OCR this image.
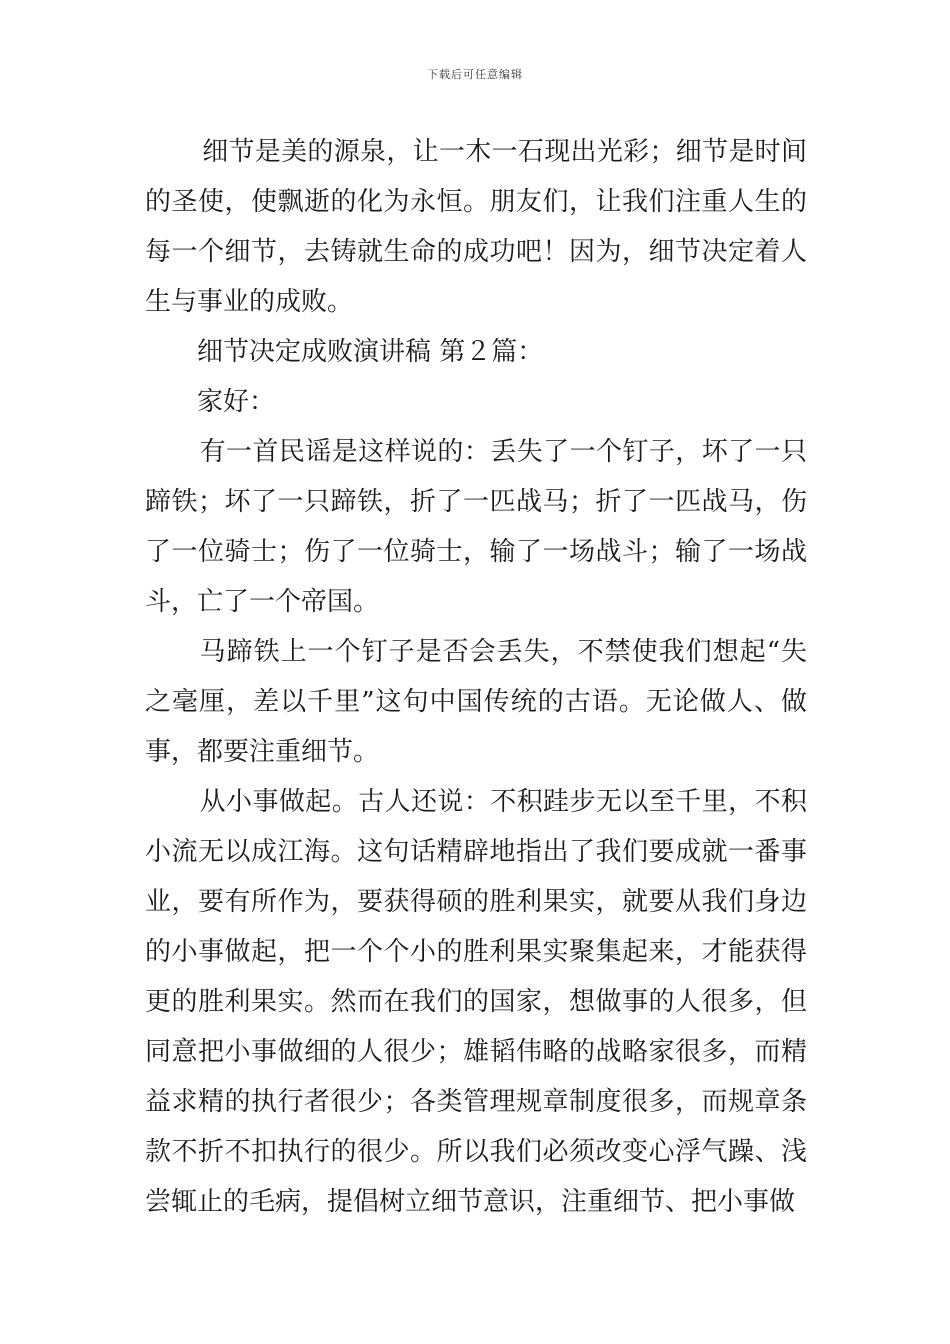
下载后可任意编辑

细节是美的源泉，让一木一石现出光彩；细节是时间的圣使，使飘逝的化为永恒。朋友们，让我们注重人生的每一个细节，去铸就生命的成功吧！因为，细节决定着人生与事业的成败。

细节决定成败演讲稿 第２篇：

家好：

有一首民谣是这样说的：丢失了一个钉子，坏了一只蹄铁；坏了一只蹄铁，折了一匹战马；折了一匹战马，伤了一位骑士；伤了一位骑士，输了一场战斗；输了一场战斗，亡了一个帝国。

马蹄铁上一个钉子是否会丢失，不禁使我们想起“失之毫厘，差以千里”这句中国传统的古语。无论做人、做事，都要注重细节。

从小事做起。古人还说：不积跬步无以至千里，不积小流无以成江海。这句话精辟地指出了我们要成就一番事业，要有所作为，要获得硕的胜利果实，就要从我们身边的小事做起，把一个个小的胜利果实聚集起来，才能获得更的胜利果实。然而在我们的国家，想做事的人很多，但同意把小事做细的人很少；雄韬伟略的战略家很多，而精益求精的执行者很少；各类管理规章制度很多，而规章条款不折不扣执行的很少。所以我们必须改变心浮气躁、浅尝辄止的毛病，提倡树立细节意识，注重细节、把小事做
